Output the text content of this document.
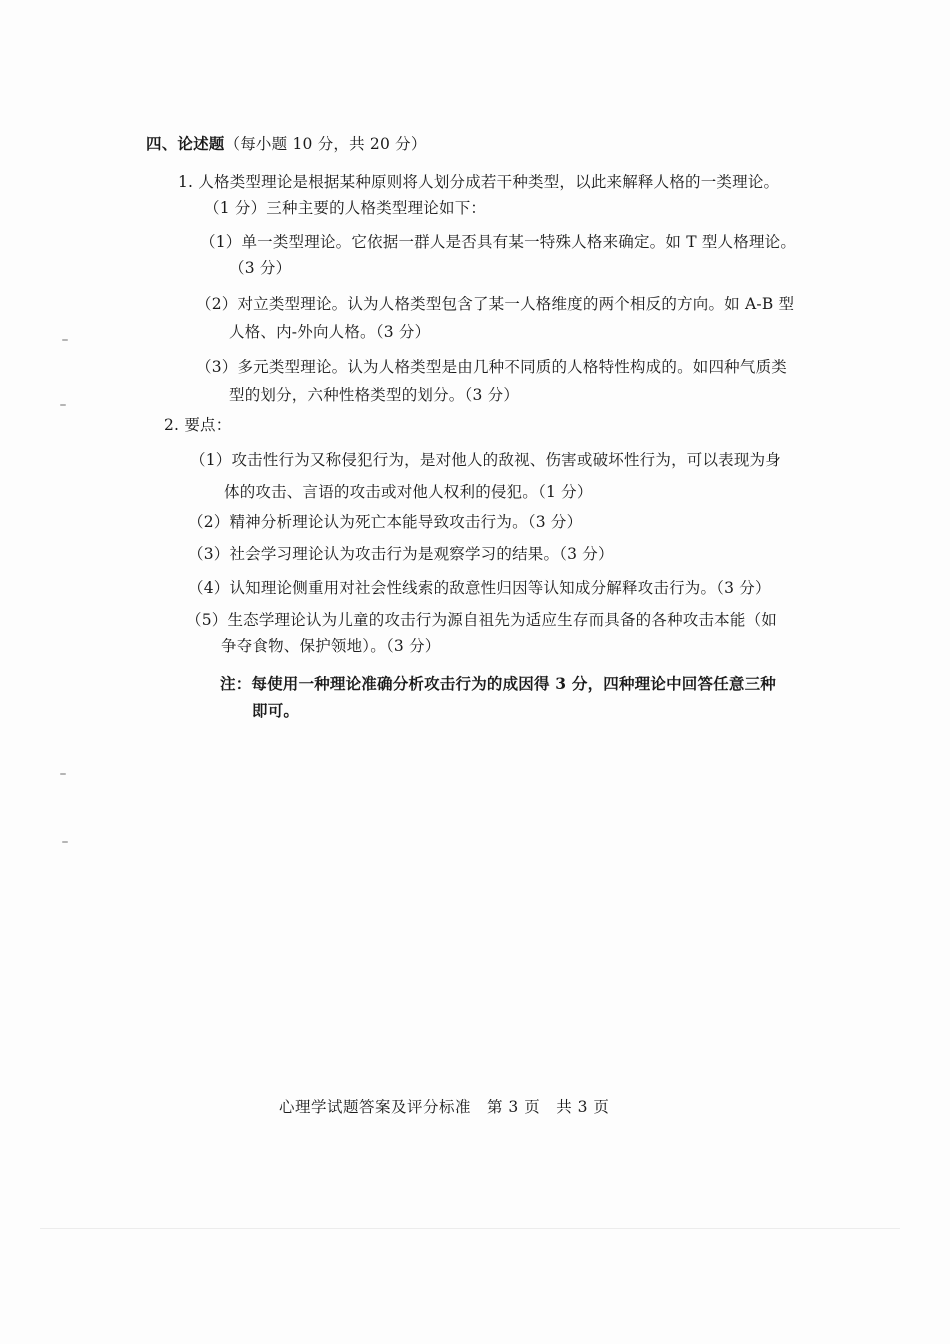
四、论述题（每小题 10 分，共 20 分）
1. 人格类型理论是根据某种原则将人划分成若干种类型，以此来解释人格的一类理论。
（1 分）三种主要的人格类型理论如下：
（1）单一类型理论。它依据一群人是否具有某一特殊人格来确定。如 T 型人格理论。
（3 分）
（2）对立类型理论。认为人格类型包含了某一人格维度的两个相反的方向。如 A-B 型
人格、内-外向人格。（3 分）
（3）多元类型理论。认为人格类型是由几种不同质的人格特性构成的。如四种气质类
型的划分，六种性格类型的划分。（3 分）
2. 要点：
（1）攻击性行为又称侵犯行为，是对他人的敌视、伤害或破坏性行为，可以表现为身
体的攻击、言语的攻击或对他人权利的侵犯。（1 分）
（2）精神分析理论认为死亡本能导致攻击行为。（3 分）
（3）社会学习理论认为攻击行为是观察学习的结果。（3 分）
（4）认知理论侧重用对社会性线索的敌意性归因等认知成分解释攻击行为。（3 分）
（5）生态学理论认为儿童的攻击行为源自祖先为适应生存而具备的各种攻击本能（如
争夺食物、保护领地）。（3 分）
注：每使用一种理论准确分析攻击行为的成因得 3 分，四种理论中回答任意三种
即可。
心理学试题答案及评分标准　第 3 页　共 3 页
